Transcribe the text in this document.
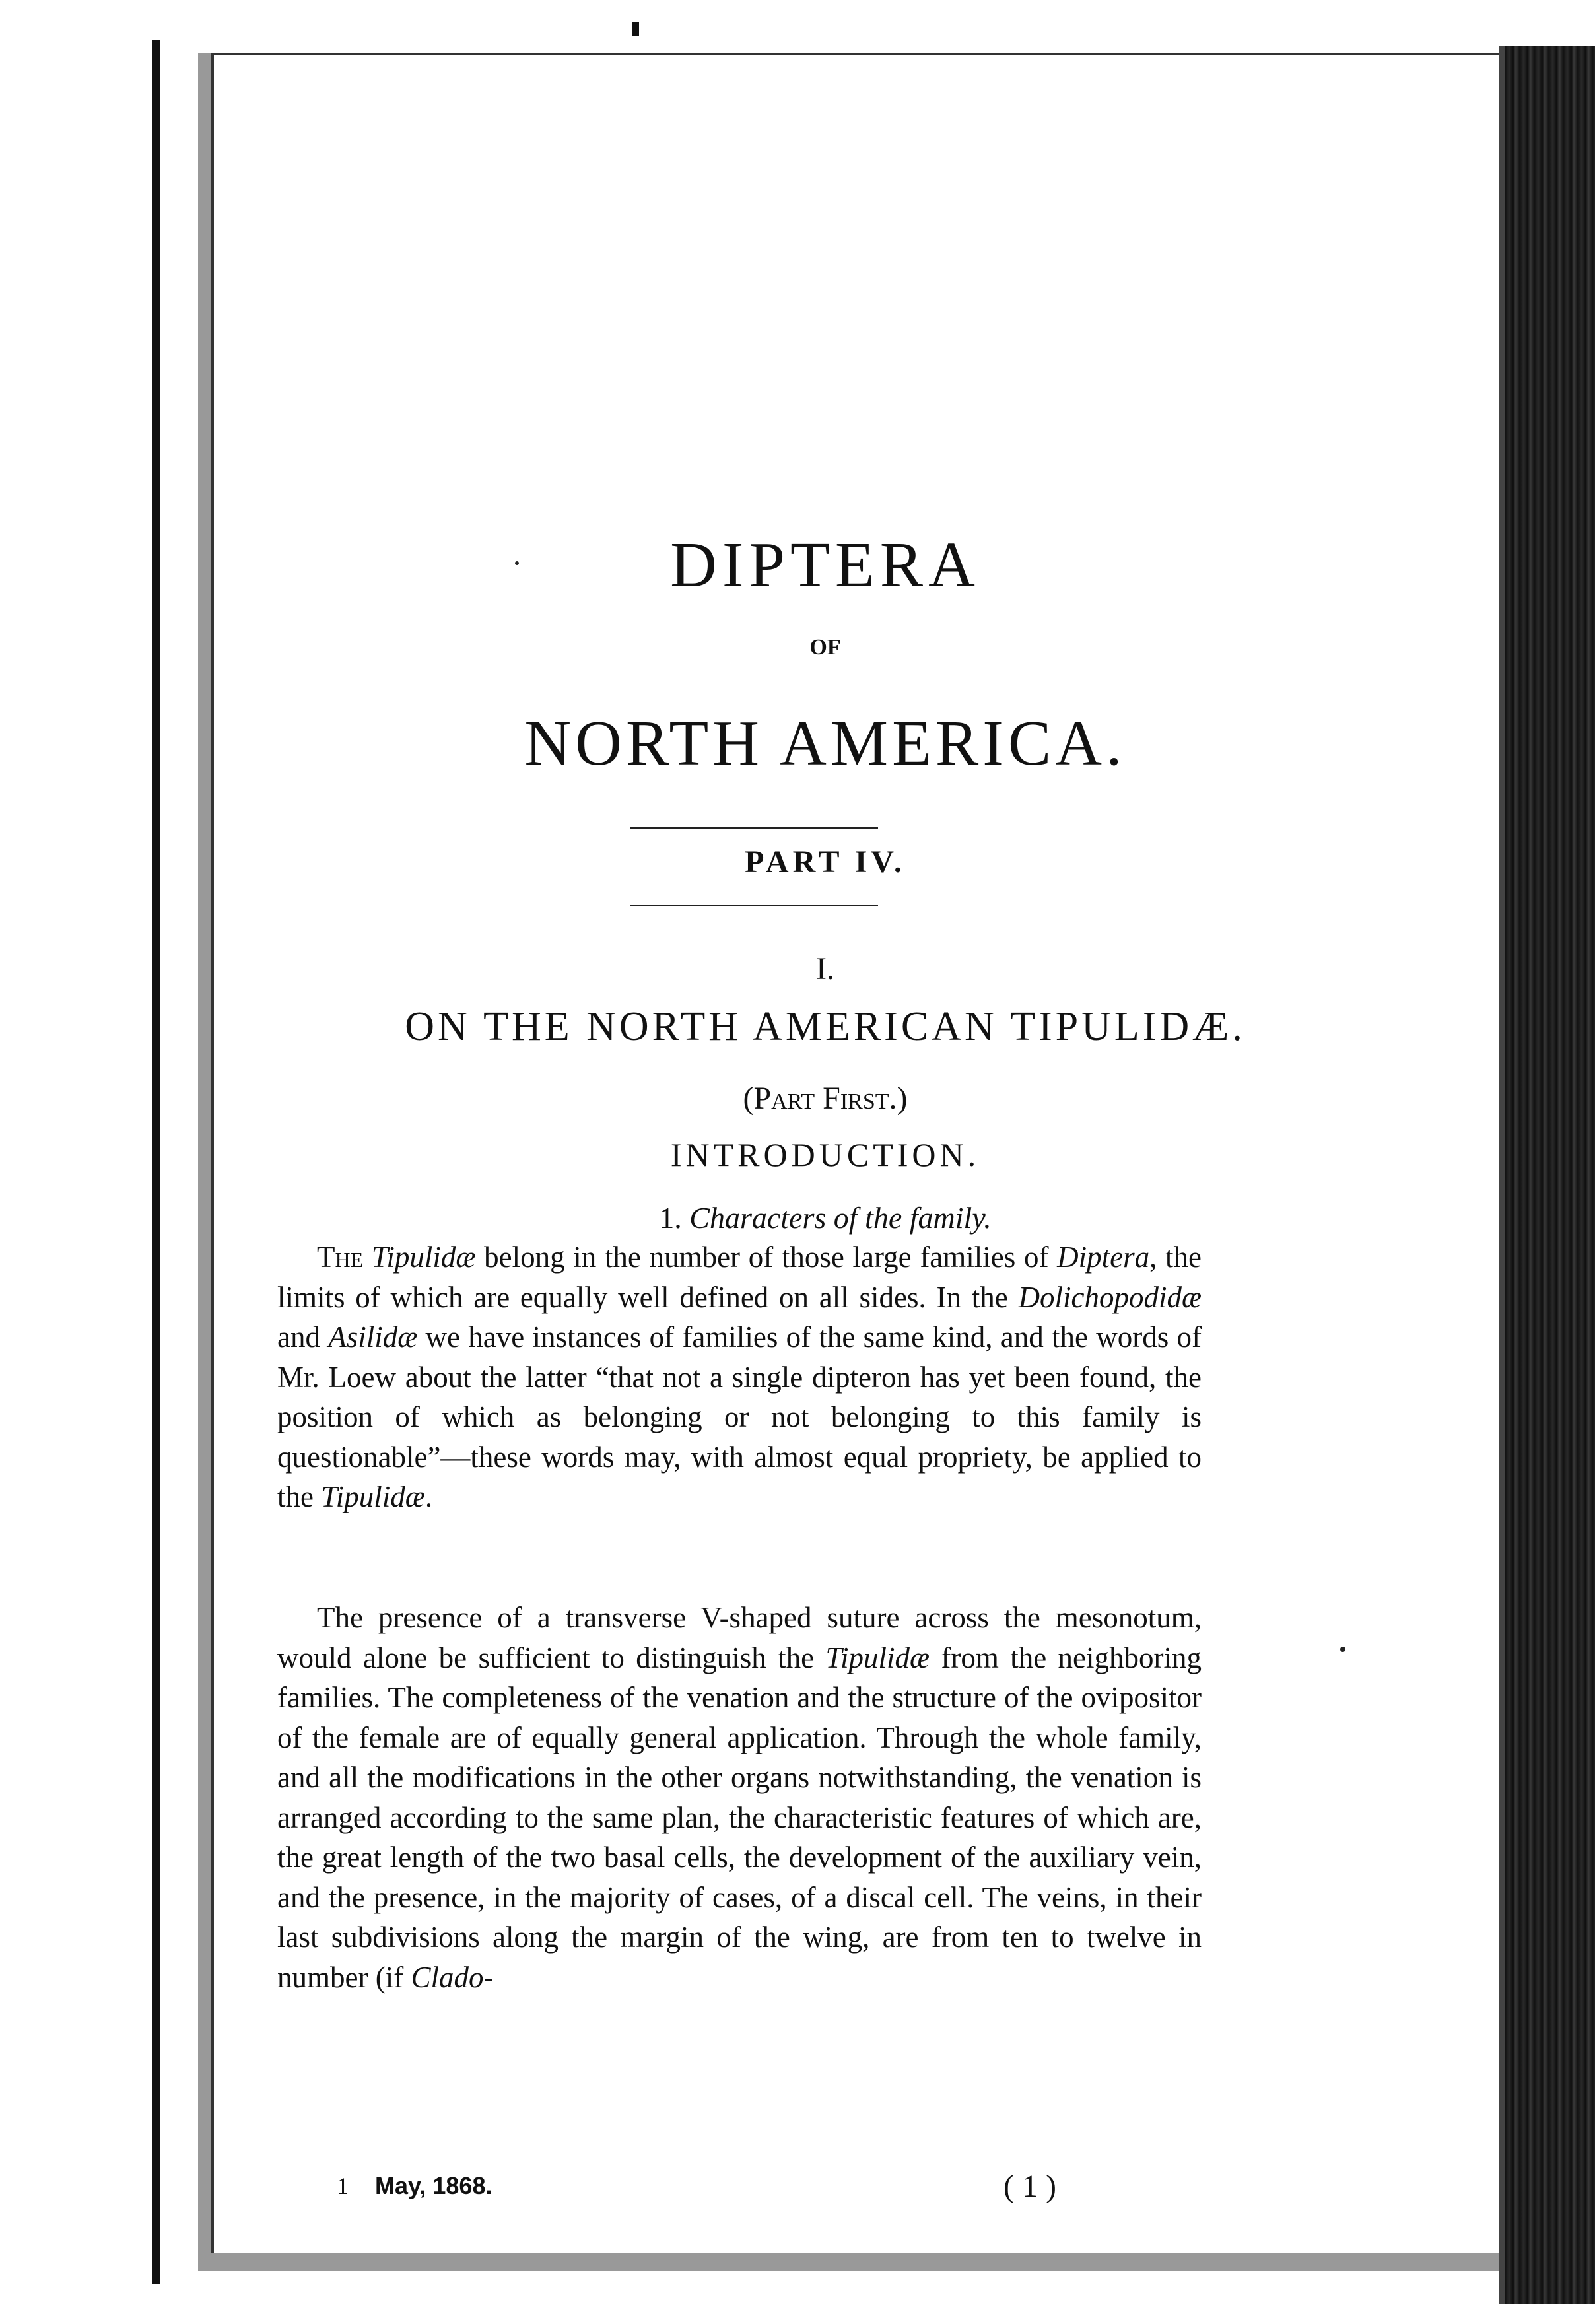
DIPTERA
OF
NORTH AMERICA.
PART IV.
I.
ON THE NORTH AMERICAN TIPULIDÆ.
(Part First.)
INTRODUCTION.
1. Characters of the family.
The Tipulidæ belong in the number of those large families of Diptera, the limits of which are equally well defined on all sides. In the Dolichopodidæ and Asilidæ we have instances of families of the same kind, and the words of Mr. Loew about the latter “that not a single dipteron has yet been found, the position of which as belonging or not belonging to this family is questionable”—these words may, with almost equal propriety, be applied to the Tipulidæ.
The presence of a transverse V-shaped suture across the mesonotum, would alone be sufficient to distinguish the Tipulidæ from the neighboring families. The completeness of the venation and the structure of the ovipositor of the female are of equally general application. Through the whole family, and all the modifications in the other organs notwithstanding, the venation is arranged according to the same plan, the characteristic features of which are, the great length of the two basal cells, the development of the auxiliary vein, and the presence, in the majority of cases, of a discal cell. The veins, in their last subdivisions along the margin of the wing, are from ten to twelve in number (if Clado-
1 May, 1868.	( 1 )
